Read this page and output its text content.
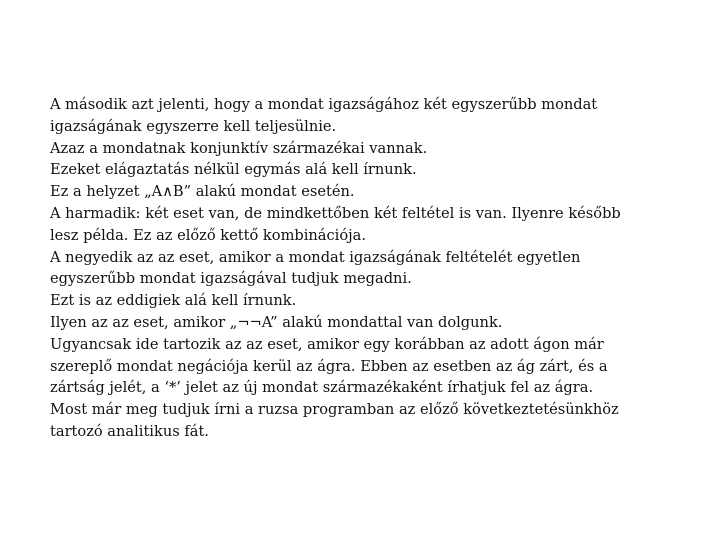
A második azt jelenti, hogy a mondat igazságához két egyszerűbb mondat
igazságának egyszerre kell teljesülnie.
Azaz a mondatnak konjunktív származékai vannak.
Ezeket elágaztatás nélkül egymás alá kell írnunk.
Ez a helyzet „A∧B” alakú mondat esetén.
A harmadik: két eset van, de mindkettőben két feltétel is van. Ilyenre később
lesz példa. Ez az előző kettő kombinációja.
A negyedik az az eset, amikor a mondat igazságának feltételét egyetlen
egyszerűbb mondat igazságával tudjuk megadni.
Ezt is az eddigiek alá kell írnunk.
Ilyen az az eset, amikor „¬¬A” alakú mondattal van dolgunk.
Ugyancsak ide tartozik az az eset, amikor egy korábban az adott ágon már
szereplő mondat negációja kerül az ágra. Ebben az esetben az ág zárt, és a
zártság jelét, a ‘*’ jelet az új mondat származékaként írhatjuk fel az ágra.
Most már meg tudjuk írni a ruzsa programban az előző következtetésünkhöz
tartozó analitikus fát.
